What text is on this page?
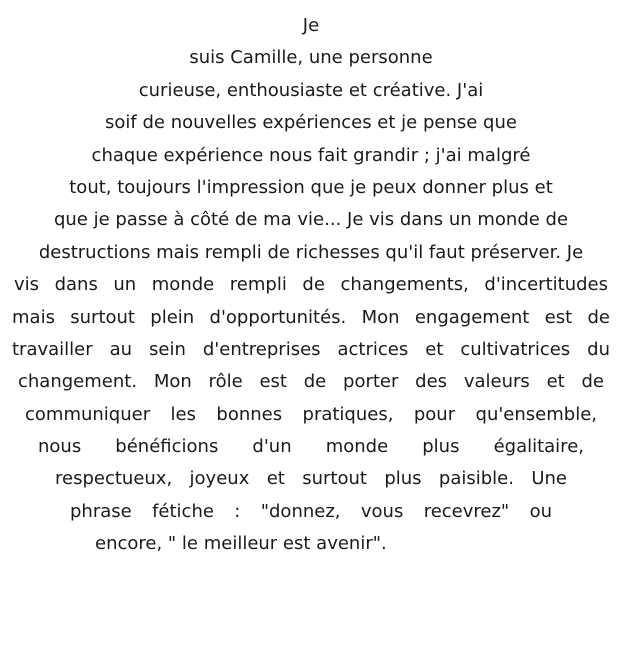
Je
suis Camille, une personne
curieuse, enthousiaste et créative. J'ai
soif de nouvelles expériences et je pense que
chaque expérience nous fait grandir ; j'ai malgré
tout, toujours l'impression que je peux donner plus et
que je passe à côté de ma vie... Je vis dans un monde de
destructions mais rempli de richesses qu'il faut préserver. Je
vis dans un monde rempli de changements, d'incertitudes
mais surtout plein d'opportunités. Mon engagement est de
travailler au sein d'entreprises actrices et cultivatrices du
changement. Mon rôle est de porter des valeurs et de
communiquer les bonnes pratiques, pour qu'ensemble,
nous bénéficions d'un monde plus égalitaire,
respectueux, joyeux et surtout plus paisible. Une
phrase fétiche : "donnez, vous recevrez" ou
encore, " le meilleur est avenir".
